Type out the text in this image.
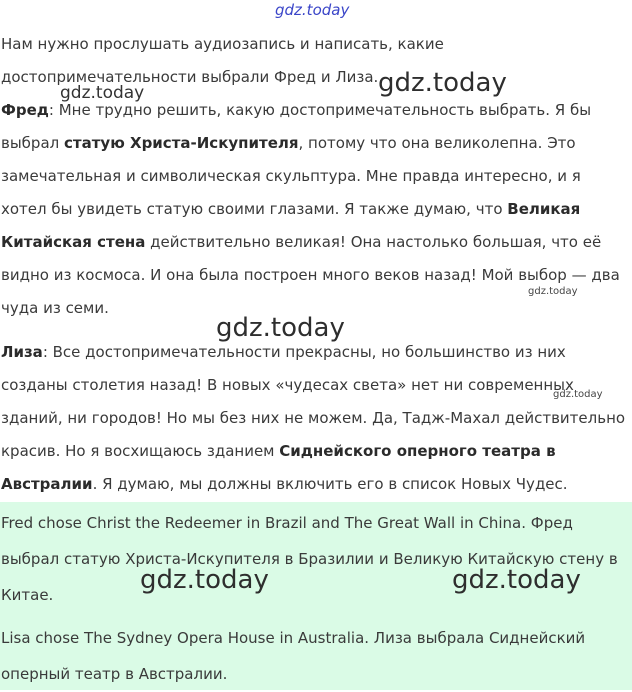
Нам нужно прослушать аудиозапись и написать, какие достопримечательности выбрали Фред и Лиза.
Фред: Мне трудно решить, какую достопримечательность выбрать. Я бы выбрал статую Христа-Искупителя, потому что она великолепна. Это замечательная и символическая скульптура. Мне правда интересно, и я хотел бы увидеть статую своими глазами. Я также думаю, что Великая Китайская стена действительно великая! Она настолько большая, что её видно из космоса. И она была построен много веков назад! Мой выбор — два чуда из семи.
Лиза: Все достопримечательности прекрасны, но большинство из них созданы столетия назад! В новых «чудесах света» нет ни современных зданий, ни городов! Но мы без них не можем. Да, Тадж-Махал действительно красив. Но я восхищаюсь зданием Сиднейского оперного театра в Австралии. Я думаю, мы должны включить его в список Новых Чудес.
Fred chose Christ the Redeemer in Brazil and The Great Wall in China. Фред выбрал статую Христа-Искупителя в Бразилии и Великую Китайскую стену в Китае.
Lisa chose The Sydney Opera House in Australia. Лиза выбрала Сиднейский оперный театр в Австралии.
gdz.today
gdz.today	gdz.today
gdz.today
gdz.today
gdz.today
gdz.today	gdz.today
